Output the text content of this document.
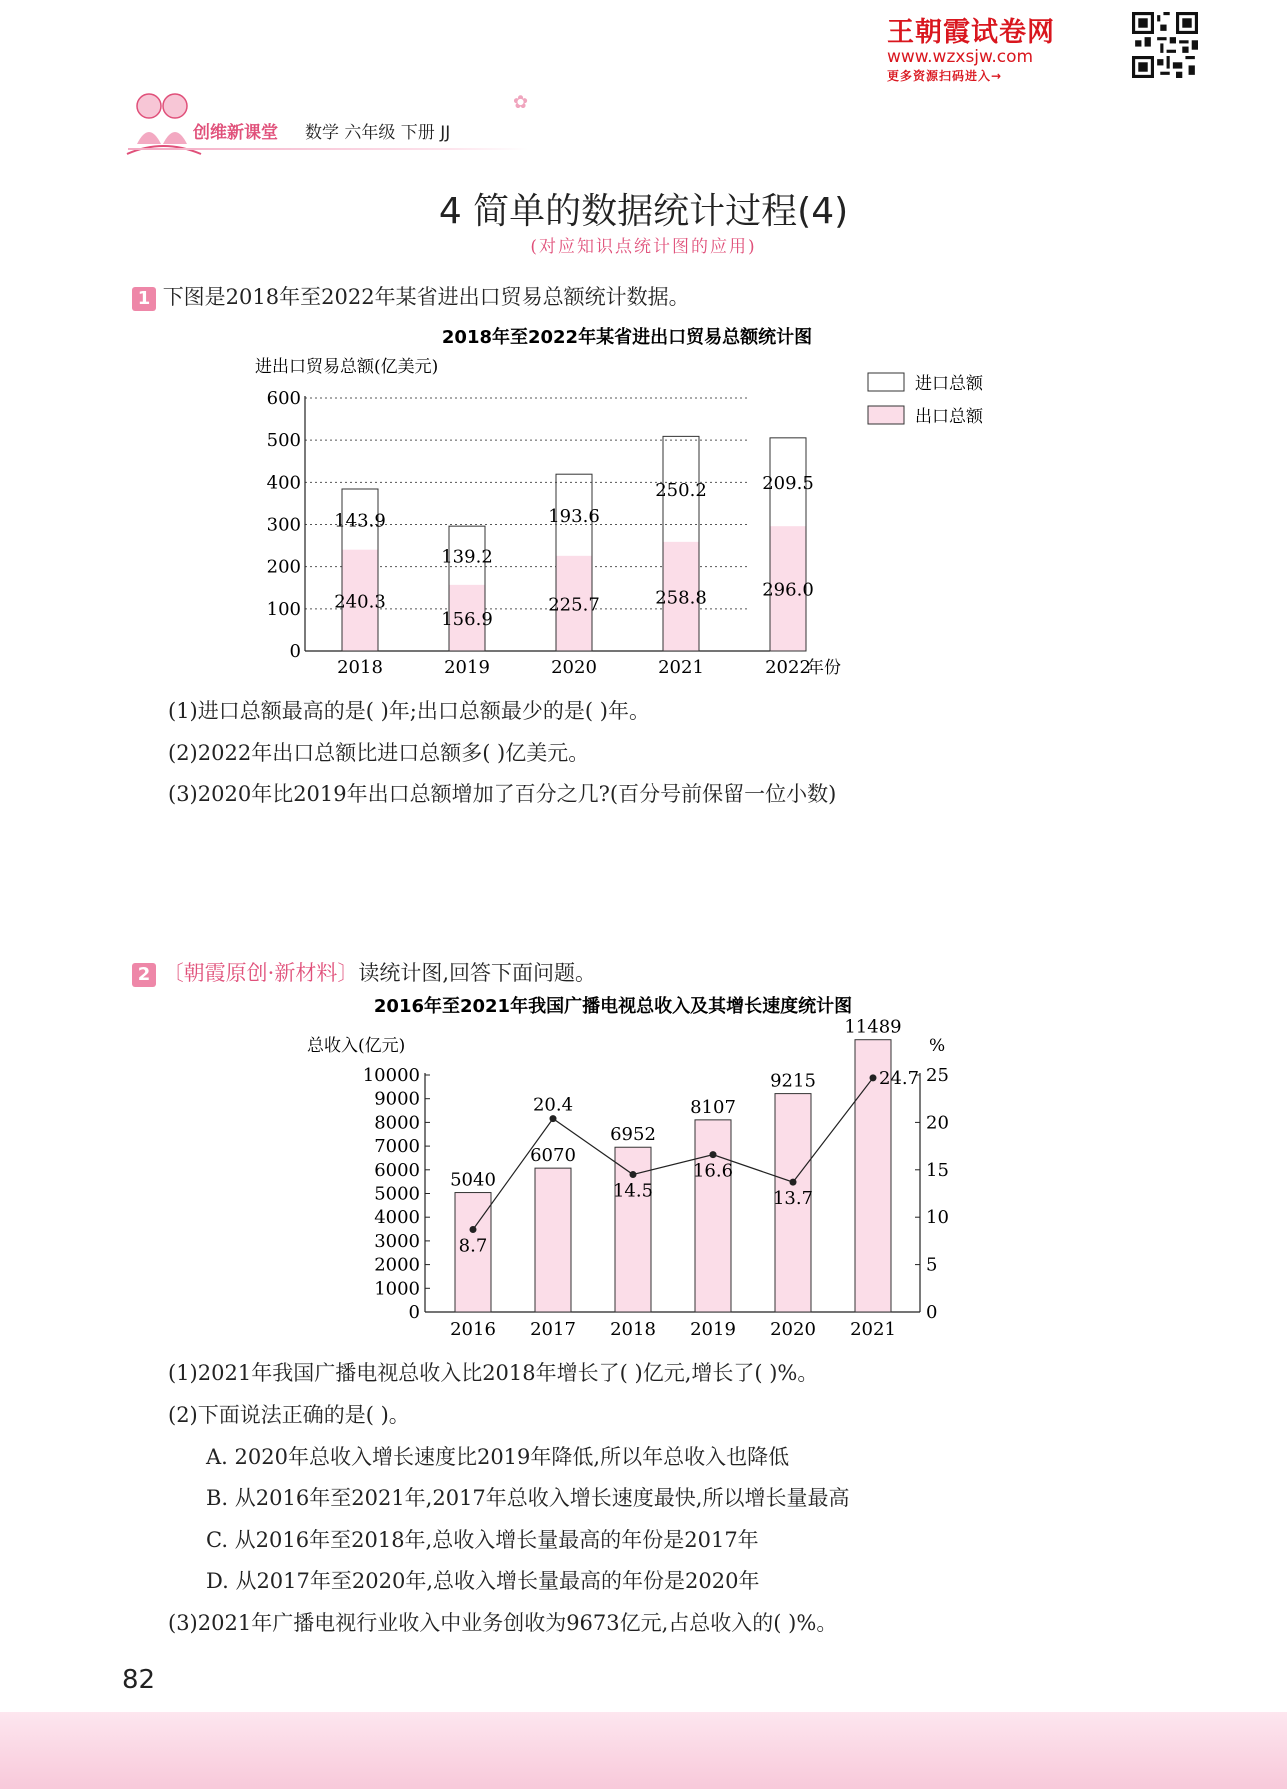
王朝霞试卷网
www.wzxsjw.com
更多资源扫码进入→
创维新课堂 数学 六年级 下册 JJ
✿
4 简单的数据统计过程(4)
(对应知识点统计图的应用)
1 下图是2018年至2022年某省进出口贸易总额统计数据。
2018年至2022年某省进出口贸易总额统计图
进出口贸易总额(亿美元)
0
100
200
300
400
500
600
143.9
240.3
139.2
156.9
193.6
225.7
250.2
258.8
209.5
296.0
2018	2019	2020	2021	2022
年份
进口总额
出口总额
(1)进口总额最高的是( )年;出口总额最少的是( )年。
(2)2022年出口总额比进口总额多( )亿美元。
(3)2020年比2019年出口总额增加了百分之几?(百分号前保留一位小数)
2 〔朝霞原创·新材料〕读统计图,回答下面问题。
2016年至2021年我国广播电视总收入及其增长速度统计图
总收入(亿元)	%
0
1000
2000
3000
4000
5000
6000
7000
8000
9000
10000
0
5
10
15
20
25
5040
6070
6952
8107
9215
11489
8.7
20.4
14.5
16.6
13.7
24.7
2016 2017 2018 2019 2020 2021
(1)2021年我国广播电视总收入比2018年增长了( )亿元,增长了( )%。
(2)下面说法正确的是( )。
A. 2020年总收入增长速度比2019年降低,所以年总收入也降低
B. 从2016年至2021年,2017年总收入增长速度最快,所以增长量最高
C. 从2016年至2018年,总收入增长量最高的年份是2017年
D. 从2017年至2020年,总收入增长量最高的年份是2020年
(3)2021年广播电视行业收入中业务创收为9673亿元,占总收入的( )%。
82
